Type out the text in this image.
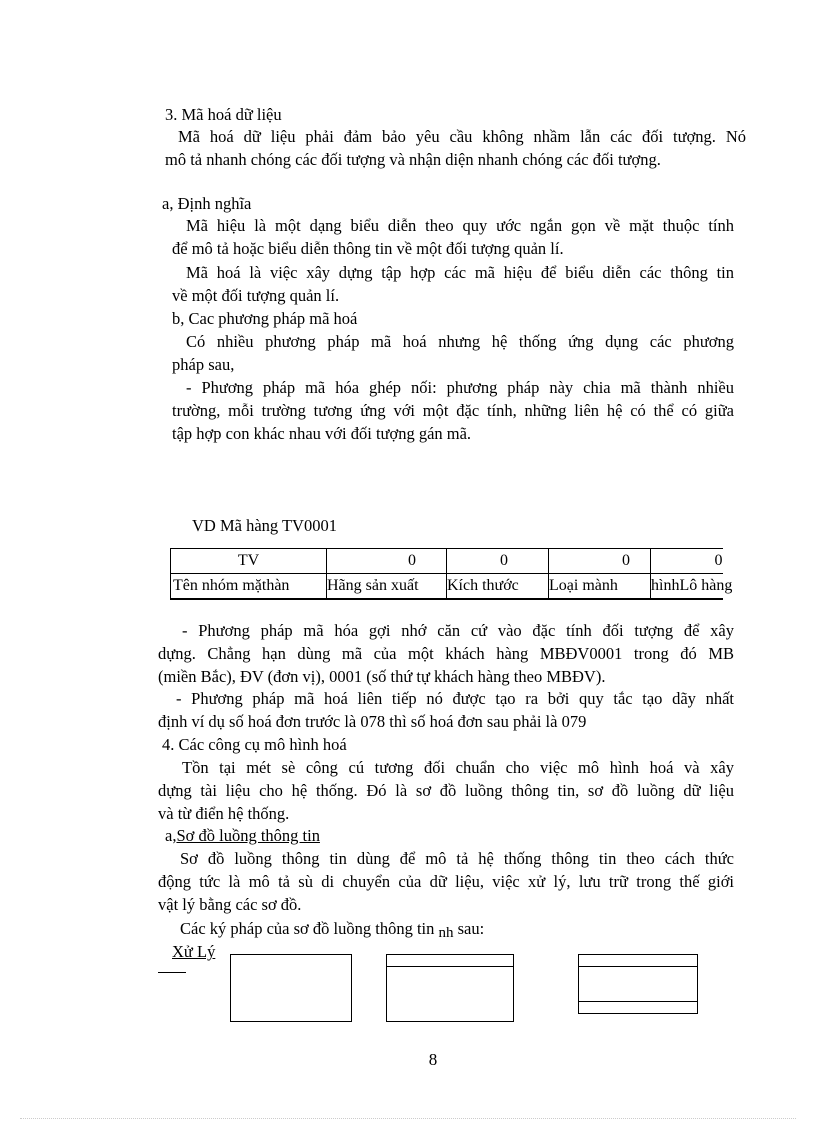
3. Mã hoá dữ liệu
Mã hoá dữ liệu phải đảm bảo yêu cầu không nhầm lẫn các đối tượng. Nó
mô tả nhanh chóng các đối tượng và nhận diện nhanh chóng các đối tượng.
a, Định nghĩa
Mã hiệu là một dạng biểu diễn theo quy ước ngắn gọn về mặt thuộc tính
để mô tả hoặc biểu diễn thông tin về một đối tượng quản lí.
Mã hoá là việc xây dựng tập hợp các mã hiệu để biểu diễn các thông tin
về một đối tượng quản lí.
b, Cac phương pháp mã hoá
Có nhiều phương pháp mã hoá nhưng hệ thống ứng dụng các phương
pháp sau,
- Phương pháp mã hóa ghép nối: phương pháp này chia mã thành nhiều
trường, mỗi trường tương ứng với một đặc tính, những liên hệ có thể có giữa
tập hợp con khác nhau với đối tượng gán mã.
VD Mã hàng TV0001
TV	0	0	0	0
Tên nhóm mặthàn	Hãng sản xuất	Kích thước	Loại mành	hìnhLô hàng
- Phương pháp mã hóa gợi nhớ căn cứ vào đặc tính đối tượng để xây
dựng. Chẳng hạn dùng mã của một khách hàng MBĐV0001 trong đó MB
(miền Bắc), ĐV (đơn vị), 0001 (số thứ tự khách hàng theo MBĐV).
- Phương pháp mã hoá liên tiếp nó được tạo ra bởi quy tắc tạo dãy nhất
định ví dụ số hoá đơn trước là 078 thì số hoá đơn sau phải là 079
4. Các công cụ mô hình hoá
Tồn tại mét sè công cú tương đối chuẩn cho việc mô hình hoá và xây
dựng tài liệu cho hệ thống. Đó là sơ đồ luồng thông tin, sơ đồ luồng dữ liệu
và từ điển hệ thống.
a,Sơ đồ luồng thông tin
Sơ đồ luồng thông tin dùng để mô tả hệ thống thông tin theo cách thức
động tức là mô tả sù di chuyển của dữ liệu, việc xử lý, lưu trữ trong thế giới
vật lý bằng các sơ đồ.
Các ký pháp của sơ đồ luồng thông tin nh sau:
Xử Lý
8
